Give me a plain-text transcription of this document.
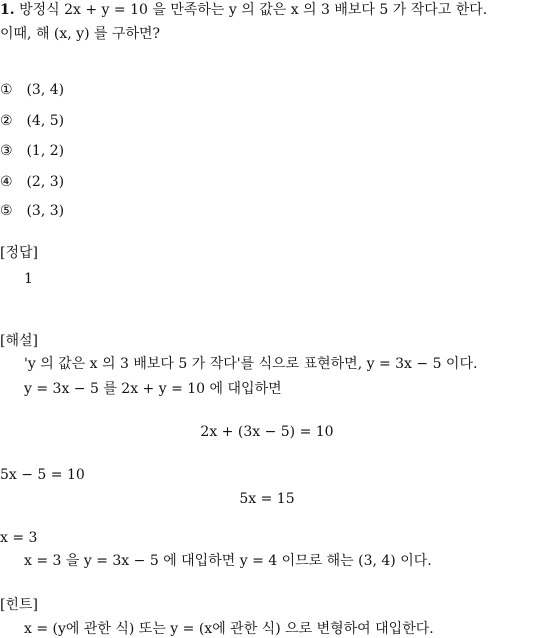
1. 방정식 2x + y = 10 을 만족하는 y 의 값은 x 의 3 배보다 5 가 작다고 한다.
이때, 해 (x, y) 를 구하면?
① (3, 4)
② (4, 5)
③ (1, 2)
④ (2, 3)
⑤ (3, 3)
[정답]
1
[해설]
'y 의 값은 x 의 3 배보다 5 가 작다'를 식으로 표현하면, y = 3x − 5 이다.
y = 3x − 5 를 2x + y = 10 에 대입하면
2x + (3x − 5) = 10
5x − 5 = 10
5x = 15
x = 3
x = 3 을 y = 3x − 5 에 대입하면 y = 4 이므로 해는 (3, 4) 이다.
[힌트]
x = (y에 관한 식) 또는 y = (x에 관한 식) 으로 변형하여 대입한다.
